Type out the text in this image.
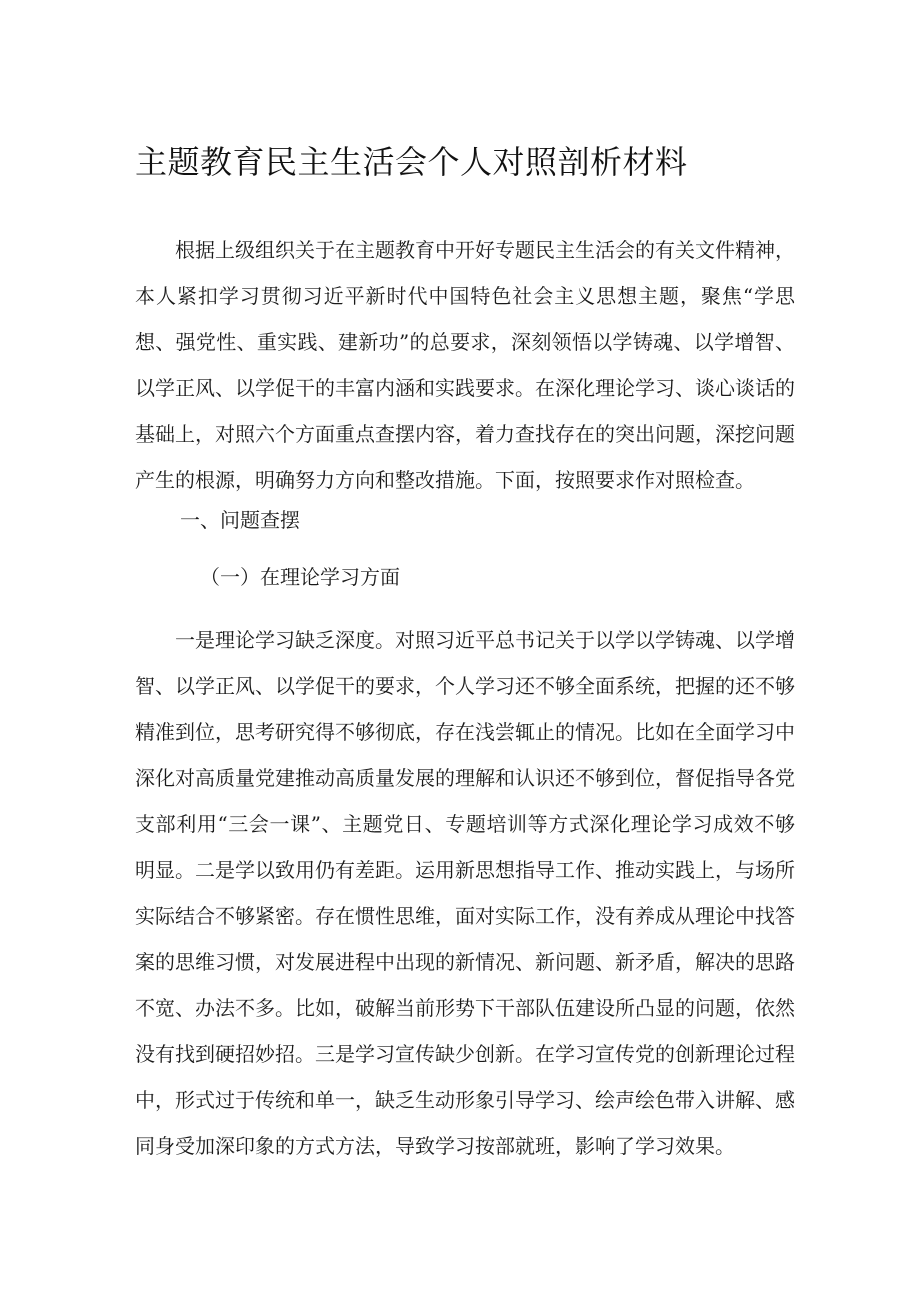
主题教育民主生活会个人对照剖析材料

根据上级组织关于在主题教育中开好专题民主生活会的有关文件精神，本人紧扣学习贯彻习近平新时代中国特色社会主义思想主题，聚焦“学思想、强党性、重实践、建新功”的总要求，深刻领悟以学铸魂、以学增智、以学正风、以学促干的丰富内涵和实践要求。在深化理论学习、谈心谈话的基础上，对照六个方面重点查摆内容，着力查找存在的突出问题，深挖问题产生的根源，明确努力方向和整改措施。下面，按照要求作对照检查。

一、问题查摆
（一）在理论学习方面

一是理论学习缺乏深度。对照习近平总书记关于以学以学铸魂、以学增智、以学正风、以学促干的要求，个人学习还不够全面系统，把握的还不够精准到位，思考研究得不够彻底，存在浅尝辄止的情况。比如在全面学习中深化对高质量党建推动高质量发展的理解和认识还不够到位，督促指导各党支部利用“三会一课”、主题党日、专题培训等方式深化理论学习成效不够明显。二是学以致用仍有差距。运用新思想指导工作、推动实践上，与场所实际结合不够紧密。存在惯性思维，面对实际工作，没有养成从理论中找答案的思维习惯，对发展进程中出现的新情况、新问题、新矛盾，解决的思路不宽、办法不多。比如，破解当前形势下干部队伍建设所凸显的问题，依然没有找到硬招妙招。三是学习宣传缺少创新。在学习宣传党的创新理论过程中，形式过于传统和单一，缺乏生动形象引导学习、绘声绘色带入讲解、感同身受加深印象的方式方法，导致学习按部就班，影响了学习效果。
